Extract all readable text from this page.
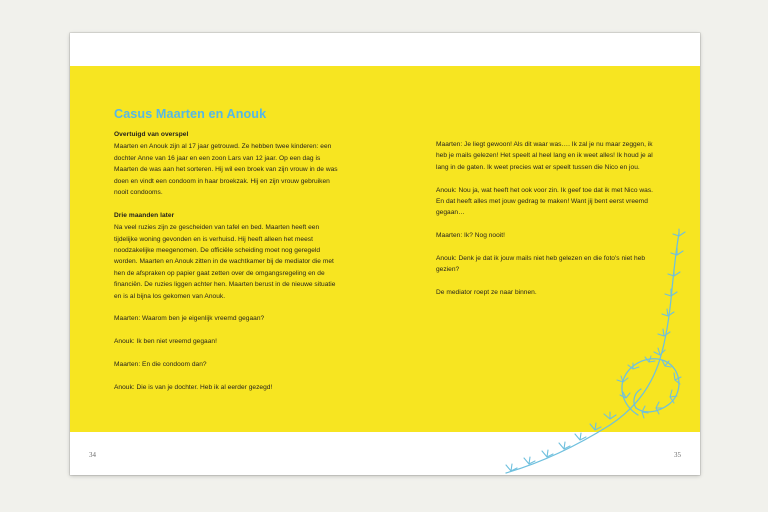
Casus Maarten en Anouk
Overtuigd van overspel

Maarten en Anouk zijn al 17 jaar getrouwd. Ze hebben twee kinderen: een dochter Anne van 16 jaar en een zoon Lars van 12 jaar. Op een dag is Maarten de was aan het sorteren. Hij wil een broek van zijn vrouw in de was doen en vindt een condoom in haar broekzak. Hij en zijn vrouw gebruiken nooit condooms.

Drie maanden later

Na veel ruzies zijn ze gescheiden van tafel en bed. Maarten heeft een tijdelijke woning gevonden en is verhuisd. Hij heeft alleen het meest noodzakelijke meegenomen. De officiële scheiding moet nog geregeld worden. Maarten en Anouk zitten in de wachtkamer bij de mediator die met hen de afspraken op papier gaat zetten over de omgangsregeling en de financiën. De ruzies liggen achter hen. Maarten berust in de nieuwe situatie en is al bijna los gekomen van Anouk.

Maarten: Waarom ben je eigenlijk vreemd gegaan?

Anouk: Ik ben niet vreemd gegaan!

Maarten: En die condoom dan?

Anouk: Die is van je dochter. Heb ik al eerder gezegd!

Maarten: Je liegt gewoon! Als dit waar was…. Ik zal je nu maar zeggen, ik heb je mails gelezen! Het speelt al heel lang en ik weet alles! Ik houd je al lang in de gaten. Ik weet precies wat er speelt tussen die Nico en jou.

Anouk: Nou ja, wat heeft het ook voor zin. Ik geef toe dat ik met Nico was. En dat heeft alles met jouw gedrag te maken! Want jij bent eerst vreemd gegaan…

Maarten: Ik? Nog nooit!

Anouk: Denk je dat ik jouw mails niet heb gelezen en die foto's niet heb gezien?

De mediator roept ze naar binnen.

34	35
